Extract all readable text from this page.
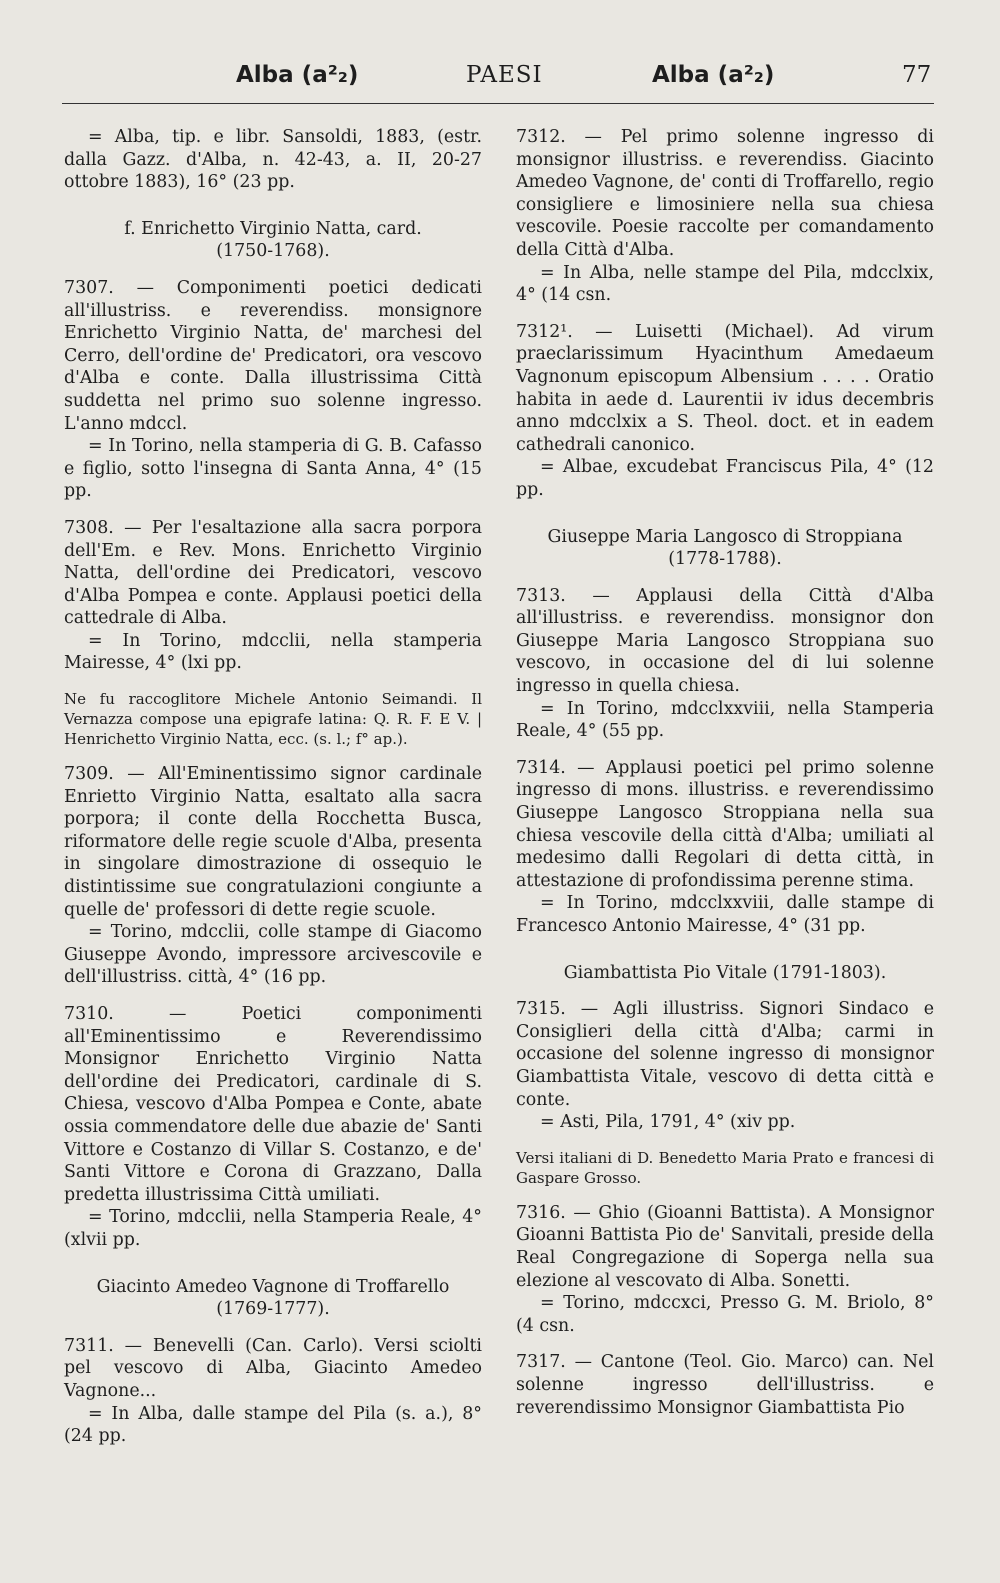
Alba (a²₂)	PAESI	Alba (a²₂)	77

= Alba, tip. e libr. Sansoldi, 1883, (estr. dalla Gazz. d'Alba, n. 42-43, a. II, 20-27 ottobre 1883), 16° (23 pp.

f. Enrichetto Virginio Natta, card.

(1750-1768).

7307. — Componimenti poetici dedicati all'illustriss. e reverendiss. monsignore Enrichetto Virginio Natta, de' marchesi del Cerro, dell'ordine de' Predicatori, ora vescovo d'Alba e conte. Dalla illustrissima Città suddetta nel primo suo solenne ingresso. L'anno mdccl.

= In Torino, nella stamperia di G. B. Cafasso e figlio, sotto l'insegna di Santa Anna, 4° (15 pp.

7308. — Per l'esaltazione alla sacra porpora dell'Em. e Rev. Mons. Enrichetto Virginio Natta, dell'ordine dei Predicatori, vescovo d'Alba Pompea e conte. Applausi poetici della cattedrale di Alba.

= In Torino, mdcclii, nella stamperia Mairesse, 4° (lxi pp.

Ne fu raccoglitore Michele Antonio Seimandi. Il Vernazza compose una epigrafe latina: Q. R. F. E V. | Henrichetto Virginio Natta, ecc. (s. l.; f° ap.).

7309. — All'Eminentissimo signor cardinale Enrietto Virginio Natta, esaltato alla sacra porpora; il conte della Rocchetta Busca, riformatore delle regie scuole d'Alba, presenta in singolare dimostrazione di ossequio le distintissime sue congratulazioni congiunte a quelle de' professori di dette regie scuole.

= Torino, mdcclii, colle stampe di Giacomo Giuseppe Avondo, impressore arcivescovile e dell'illustriss. città, 4° (16 pp.

7310. — Poetici componimenti all'Eminentissimo e Reverendissimo Monsignor Enrichetto Virginio Natta dell'ordine dei Predicatori, cardinale di S. Chiesa, vescovo d'Alba Pompea e Conte, abate ossia commendatore delle due abazie de' Santi Vittore e Costanzo di Villar S. Costanzo, e de' Santi Vittore e Corona di Grazzano, Dalla predetta illustrissima Città umiliati.

= Torino, mdcclii, nella Stamperia Reale, 4° (xlvii pp.

Giacinto Amedeo Vagnone di Troffarello

(1769-1777).

7311. — Benevelli (Can. Carlo). Versi sciolti pel vescovo di Alba, Giacinto Amedeo Vagnone...

= In Alba, dalle stampe del Pila (s. a.), 8° (24 pp.

7312. — Pel primo solenne ingresso di monsignor illustriss. e reverendiss. Giacinto Amedeo Vagnone, de' conti di Troffarello, regio consigliere e limosiniere nella sua chiesa vescovile. Poesie raccolte per comandamento della Città d'Alba.

= In Alba, nelle stampe del Pila, mdcclxix, 4° (14 csn.

7312¹. — Luisetti (Michael). Ad virum praeclarissimum Hyacinthum Amedaeum Vagnonum episcopum Albensium . . . . Oratio habita in aede d. Laurentii iv idus decembris anno mdcclxix a S. Theol. doct. et in eadem cathedrali canonico.

= Albae, excudebat Franciscus Pila, 4° (12 pp.

Giuseppe Maria Langosco di Stroppiana

(1778-1788).

7313. — Applausi della Città d'Alba all'illustriss. e reverendiss. monsignor don Giuseppe Maria Langosco Stroppiana suo vescovo, in occasione del di lui solenne ingresso in quella chiesa.

= In Torino, mdcclxxviii, nella Stamperia Reale, 4° (55 pp.

7314. — Applausi poetici pel primo solenne ingresso di mons. illustriss. e reverendissimo Giuseppe Langosco Stroppiana nella sua chiesa vescovile della città d'Alba; umiliati al medesimo dalli Regolari di detta città, in attestazione di profondissima perenne stima.

= In Torino, mdcclxxviii, dalle stampe di Francesco Antonio Mairesse, 4° (31 pp.

Giambattista Pio Vitale (1791-1803).

7315. — Agli illustriss. Signori Sindaco e Consiglieri della città d'Alba; carmi in occasione del solenne ingresso di monsignor Giambattista Vitale, vescovo di detta città e conte.

= Asti, Pila, 1791, 4° (xiv pp.

Versi italiani di D. Benedetto Maria Prato e francesi di Gaspare Grosso.

7316. — Ghio (Gioanni Battista). A Monsignor Gioanni Battista Pio de' Sanvitali, preside della Real Congregazione di Soperga nella sua elezione al vescovato di Alba. Sonetti.

= Torino, mdccxci, Presso G. M. Briolo, 8° (4 csn.

7317. — Cantone (Teol. Gio. Marco) can. Nel solenne ingresso dell'illustriss. e reverendissimo Monsignor Giambattista Pio
